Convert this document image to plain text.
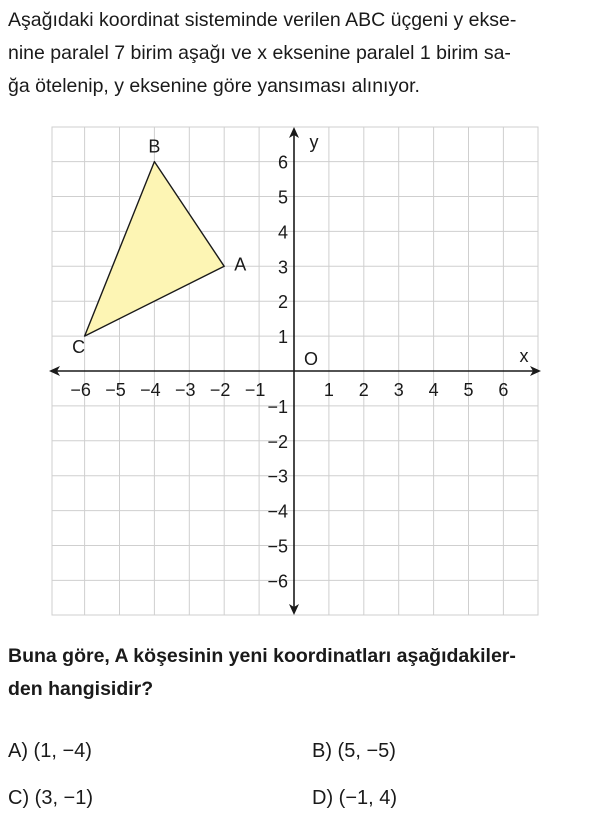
Aşağıdaki koordinat sisteminde verilen ABC üçgeni y ekse-
nine paralel 7 birim aşağı ve x eksenine paralel 1 birim sa-
ğa ötelenip, y eksenine göre yansıması alınıyor.

−6 −5 −4 −3 −2 −1	1 2 3 4 5 6
6
5
4
3
2
1
−1
−2
−3
−4
−5
−6
A
B
C	x
y
O

Buna göre, A köşesinin yeni koordinatları aşağıdakiler-
den hangisidir?

A) (1, −4)	B) (5, −5)
C) (3, −1)	D) (−1, 4)
